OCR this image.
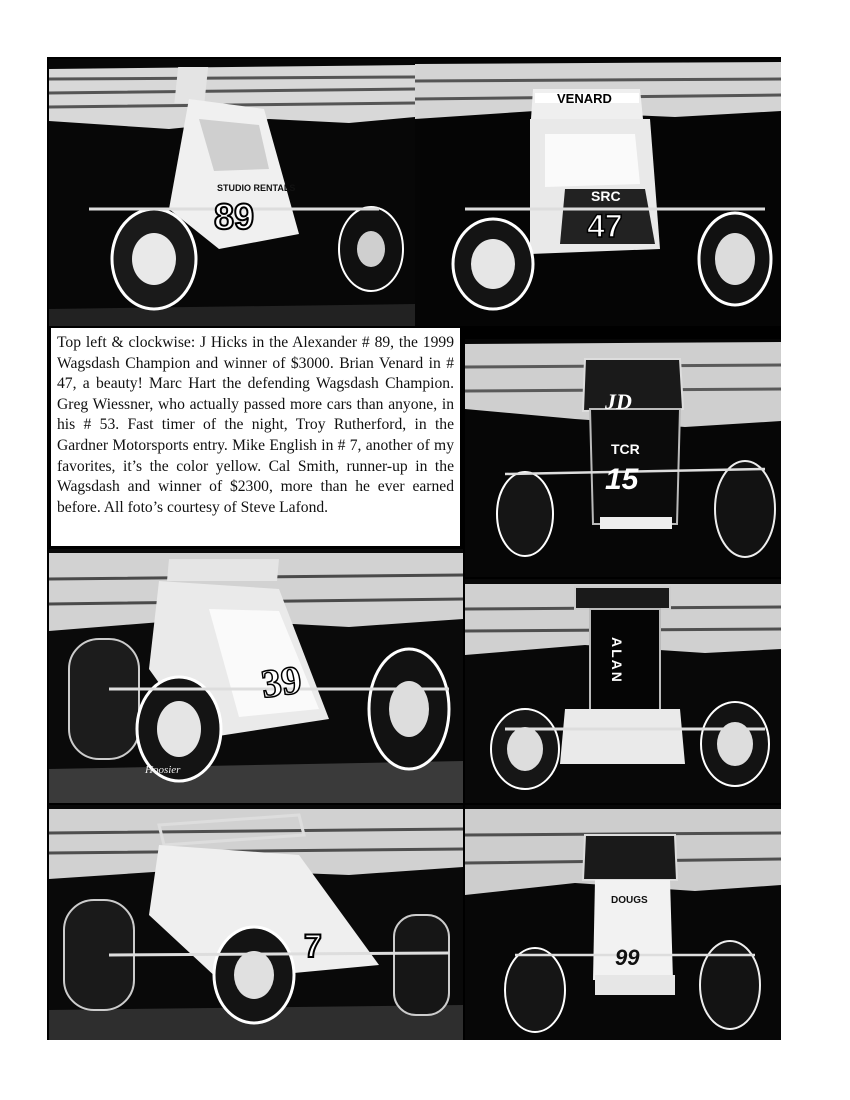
89
STUDIO RENTALS
VENARD
SRC
47

Top left & clockwise: J Hicks in the Alexander # 89, the 1999 Wagsdash Champion and winner of $3000. Brian Venard in # 47, a beauty! Marc Hart the defending Wagsdash Champion. Greg Wiessner, who actually passed more cars than anyone, in his # 53. Fast timer of the night, Troy Rutherford, in the Gardner Motorsports entry. Mike English in # 7, another of my favorites, it’s the color yellow. Cal Smith, runner-up in the Wagsdash and winner of $2300, more than he ever earned before. All foto’s courtesy of Steve Lafond.

JD
TCR
15
39
Hoosier
ALAN
7
DOUGS
99
